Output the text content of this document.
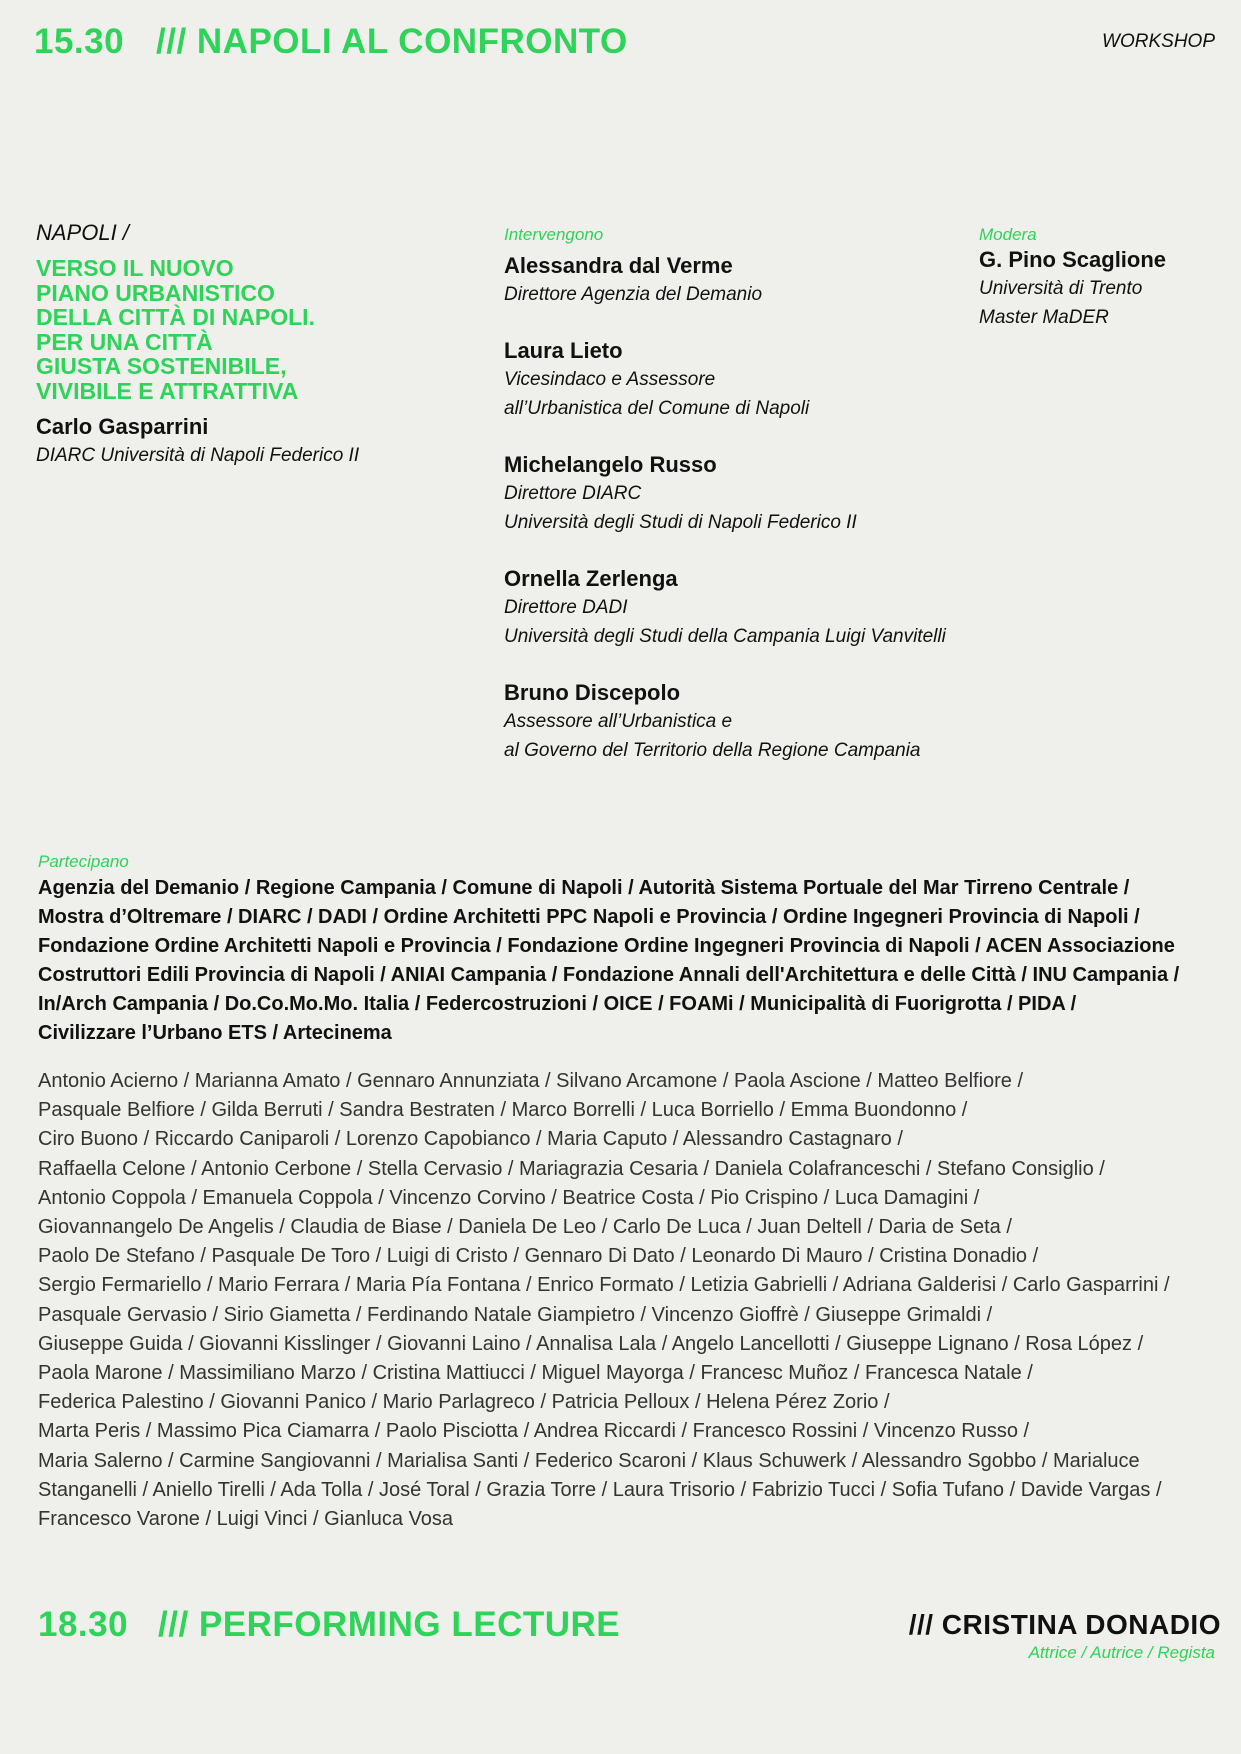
15.30 /// NAPOLI AL CONFRONTO	WORKSHOP
NAPOLI /
VERSO IL NUOVO
PIANO URBANISTICO
DELLA CITTÀ DI NAPOLI.
PER UNA CITTÀ
GIUSTA SOSTENIBILE,
VIVIBILE E ATTRATTIVA
Carlo Gasparrini
DIARC Università di Napoli Federico II
Intervengono
Alessandra dal Verme
Direttore Agenzia del Demanio
Laura Lieto
Vicesindaco e Assessore
all’Urbanistica del Comune di Napoli
Michelangelo Russo
Direttore DIARC
Università degli Studi di Napoli Federico II
Ornella Zerlenga
Direttore DADI
Università degli Studi della Campania Luigi Vanvitelli
Bruno Discepolo
Assessore all’Urbanistica e
al Governo del Territorio della Regione Campania
Modera
G. Pino Scaglione
Università di Trento
Master MaDER
Partecipano
Agenzia del Demanio / Regione Campania / Comune di Napoli / Autorità Sistema Portuale del Mar Tirreno Centrale /
Mostra d’Oltremare / DIARC / DADI / Ordine Architetti PPC Napoli e Provincia / Ordine Ingegneri Provincia di Napoli /
Fondazione Ordine Architetti Napoli e Provincia / Fondazione Ordine Ingegneri Provincia di Napoli / ACEN Associazione
Costruttori Edili Provincia di Napoli / ANIAI Campania / Fondazione Annali dell'Architettura e delle Città / INU Campania /
In/Arch Campania / Do.Co.Mo.Mo. Italia / Federcostruzioni / OICE / FOAMi / Municipalità di Fuorigrotta / PIDA /
Civilizzare l’Urbano ETS / Artecinema
Antonio Acierno / Marianna Amato / Gennaro Annunziata / Silvano Arcamone / Paola Ascione / Matteo Belfiore /
Pasquale Belfiore / Gilda Berruti / Sandra Bestraten / Marco Borrelli / Luca Borriello / Emma Buondonno /
Ciro Buono / Riccardo Caniparoli / Lorenzo Capobianco / Maria Caputo / Alessandro Castagnaro /
Raffaella Celone / Antonio Cerbone / Stella Cervasio / Mariagrazia Cesaria / Daniela Colafranceschi / Stefano Consiglio /
Antonio Coppola / Emanuela Coppola / Vincenzo Corvino / Beatrice Costa / Pio Crispino / Luca Damagini /
Giovannangelo De Angelis / Claudia de Biase / Daniela De Leo / Carlo De Luca / Juan Deltell / Daria de Seta /
Paolo De Stefano / Pasquale De Toro / Luigi di Cristo / Gennaro Di Dato / Leonardo Di Mauro / Cristina Donadio /
Sergio Fermariello / Mario Ferrara / Maria Pía Fontana / Enrico Formato / Letizia Gabrielli / Adriana Galderisi / Carlo Gasparrini /
Pasquale Gervasio / Sirio Giametta / Ferdinando Natale Giampietro / Vincenzo Gioffrè / Giuseppe Grimaldi /
Giuseppe Guida / Giovanni Kisslinger / Giovanni Laino / Annalisa Lala / Angelo Lancellotti / Giuseppe Lignano / Rosa López /
Paola Marone / Massimiliano Marzo / Cristina Mattiucci / Miguel Mayorga / Francesc Muñoz / Francesca Natale /
Federica Palestino / Giovanni Panico / Mario Parlagreco / Patricia Pelloux / Helena Pérez Zorio /
Marta Peris / Massimo Pica Ciamarra / Paolo Pisciotta / Andrea Riccardi / Francesco Rossini / Vincenzo Russo /
Maria Salerno / Carmine Sangiovanni / Marialisa Santi / Federico Scaroni / Klaus Schuwerk / Alessandro Sgobbo / Marialuce
Stanganelli / Aniello Tirelli / Ada Tolla / José Toral / Grazia Torre / Laura Trisorio / Fabrizio Tucci / Sofia Tufano / Davide Vargas /
Francesco Varone / Luigi Vinci / Gianluca Vosa
18.30 /// PERFORMING LECTURE	/// CRISTINA DONADIO
Attrice / Autrice / Regista
